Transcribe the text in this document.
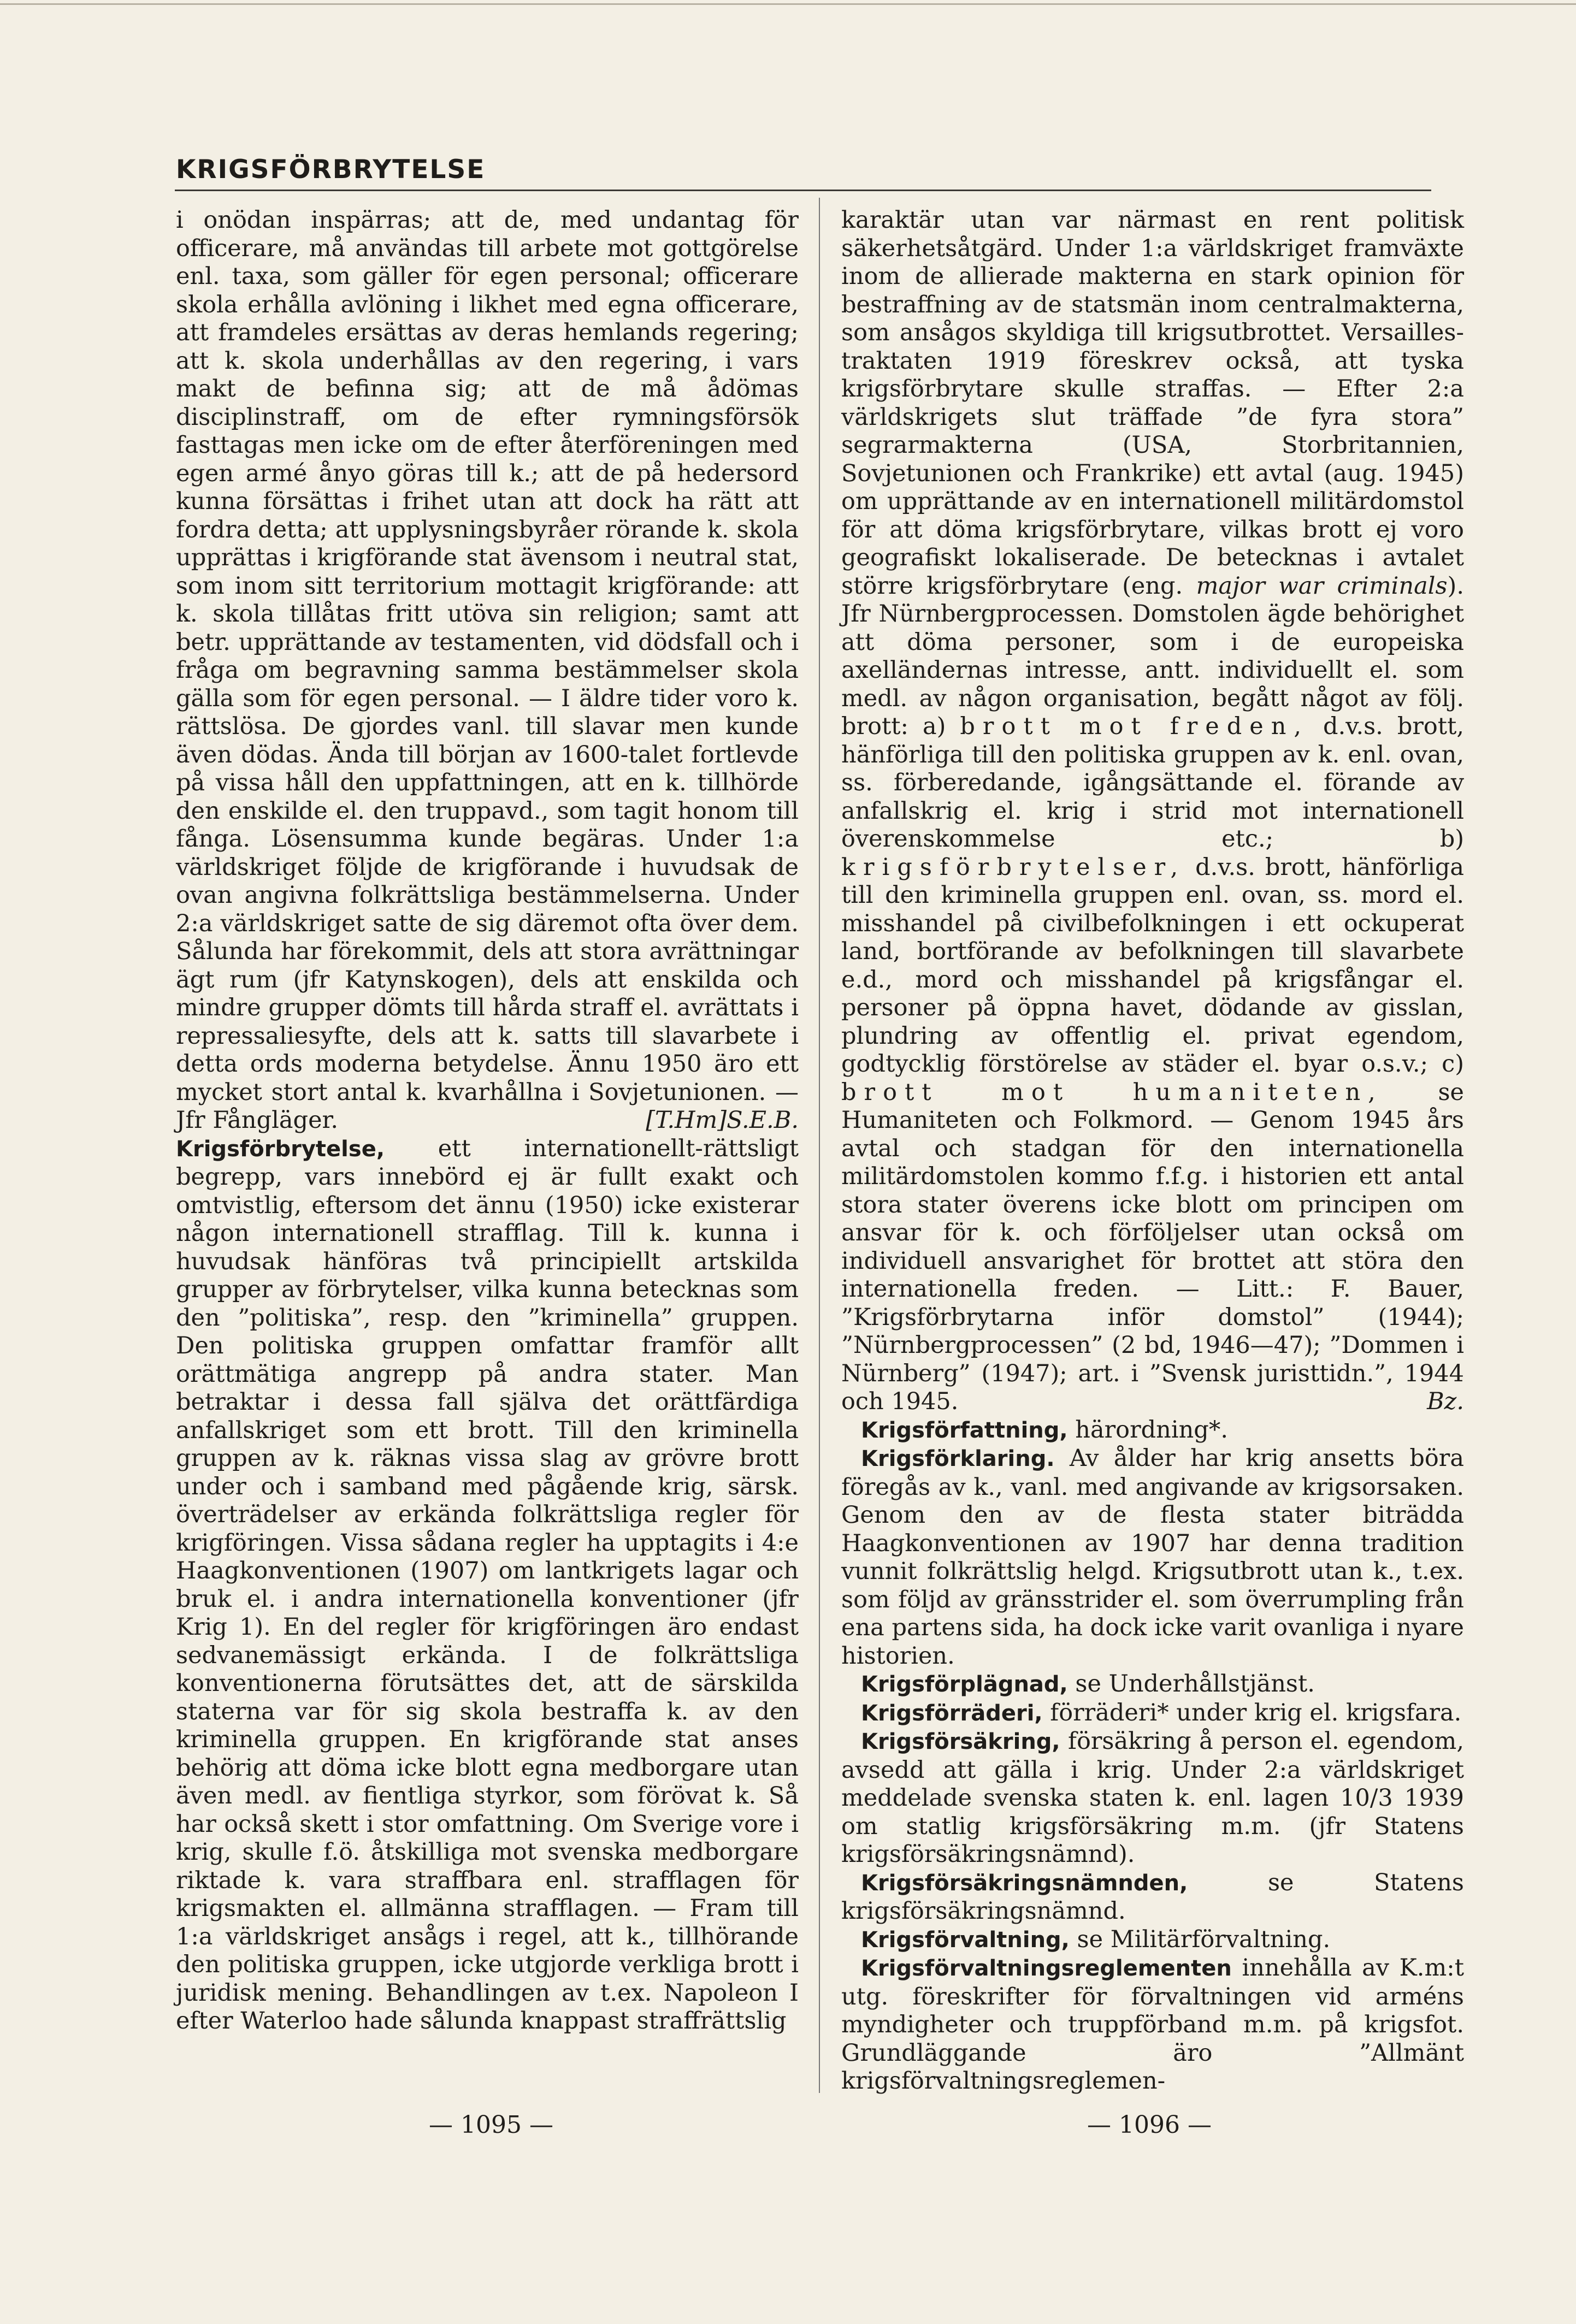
KRIGSFÖRBRYTELSE

i onödan inspärras; att de, med undantag för officerare, må användas till arbete mot gottgörelse enl. taxa, som gäller för egen personal; officerare skola erhålla avlöning i likhet med egna officerare, att framdeles ersättas av deras hemlands regering; att k. skola underhållas av den regering, i vars makt de befinna sig; att de må ådömas disciplinstraff, om de efter rymningsförsök fasttagas men icke om de efter återföreningen med egen armé ånyo göras till k.; att de på hedersord kunna försättas i frihet utan att dock ha rätt att fordra detta; att upplysningsbyråer rörande k. skola upprättas i krigförande stat ävensom i neutral stat, som inom sitt territorium mottagit krigförande: att k. skola tillåtas fritt utöva sin religion; samt att betr. upprättande av testamenten, vid dödsfall och i fråga om begravning samma bestämmelser skola gälla som för egen personal. — I äldre tider voro k. rättslösa. De gjordes vanl. till slavar men kunde även dödas. Ända till början av 1600-talet fortlevde på vissa håll den uppfattningen, att en k. tillhörde den enskilde el. den truppavd., som tagit honom till fånga. Lösensumma kunde begäras. Under 1:a världskriget följde de krigförande i huvudsak de ovan angivna folkrättsliga bestämmelserna. Under 2:a världskriget satte de sig däremot ofta över dem. Sålunda har förekommit, dels att stora avrättningar ägt rum (jfr Katynskogen), dels att enskilda och mindre grupper dömts till hårda straff el. avrättats i repressaliesyfte, dels att k. satts till slavarbete i detta ords moderna betydelse. Ännu 1950 äro ett mycket stort antal k. kvarhållna i Sovjetunionen. — Jfr Fångläger.	[T.Hm]S.E.B.

Krigsförbrytelse, ett internationellt-rättsligt begrepp, vars innebörd ej är fullt exakt och omtvistlig, eftersom det ännu (1950) icke existerar någon internationell strafflag. Till k. kunna i huvudsak hänföras två principiellt artskilda grupper av förbrytelser, vilka kunna betecknas som den ”politiska”, resp. den ”kriminella” gruppen. Den politiska gruppen omfattar framför allt orättmätiga angrepp på andra stater. Man betraktar i dessa fall själva det orättfärdiga anfallskriget som ett brott. Till den kriminella gruppen av k. räknas vissa slag av grövre brott under och i samband med pågående krig, särsk. överträdelser av erkända folkrättsliga regler för krigföringen. Vissa sådana regler ha upptagits i 4:e Haagkonventionen (1907) om lantkrigets lagar och bruk el. i andra internationella konventioner (jfr Krig 1). En del regler för krigföringen äro endast sedvanemässigt erkända. I de folkrättsliga konventionerna förutsättes det, att de särskilda staterna var för sig skola bestraffa k. av den kriminella gruppen. En krigförande stat anses behörig att döma icke blott egna medborgare utan även medl. av fientliga styrkor, som förövat k. Så har också skett i stor omfattning. Om Sverige vore i krig, skulle f.ö. åtskilliga mot svenska medborgare riktade k. vara straffbara enl. strafflagen för krigsmakten el. allmänna strafflagen. — Fram till 1:a världskriget ansågs i regel, att k., tillhörande den politiska gruppen, icke utgjorde verkliga brott i juridisk mening. Behandlingen av t.ex. Napoleon I efter Waterloo hade sålunda knappast straffrättslig

karaktär utan var närmast en rent politisk säkerhetsåtgärd. Under 1:a världskriget framväxte inom de allierade makterna en stark opinion för bestraffning av de statsmän inom centralmakterna, som ansågos skyldiga till krigsutbrottet. Versailles-traktaten 1919 föreskrev också, att tyska krigsförbrytare skulle straffas. — Efter 2:a världskrigets slut träffade ”de fyra stora” segrarmakterna (USA, Storbritannien, Sovjetunionen och Frankrike) ett avtal (aug. 1945) om upprättande av en internationell militärdomstol för att döma krigsförbrytare, vilkas brott ej voro geografiskt lokaliserade. De betecknas i avtalet större krigsförbrytare (eng. major war criminals). Jfr Nürnbergprocessen. Domstolen ägde behörighet att döma personer, som i de europeiska axelländernas intresse, antt. individuellt el. som medl. av någon organisation, begått något av följ. brott: a) brott mot freden, d.v.s. brott, hänförliga till den politiska gruppen av k. enl. ovan, ss. förberedande, igångsättande el. förande av anfallskrig el. krig i strid mot internationell överenskommelse etc.; b) krigsförbrytelser, d.v.s. brott, hänförliga till den kriminella gruppen enl. ovan, ss. mord el. misshandel på civilbefolkningen i ett ockuperat land, bortförande av befolkningen till slavarbete e.d., mord och misshandel på krigsfångar el. personer på öppna havet, dödande av gisslan, plundring av offentlig el. privat egendom, godtycklig förstörelse av städer el. byar o.s.v.; c) brott mot humaniteten, se Humaniteten och Folkmord. — Genom 1945 års avtal och stadgan för den internationella militärdomstolen kommo f.f.g. i historien ett antal stora stater överens icke blott om principen om ansvar för k. och förföljelser utan också om individuell ansvarighet för brottet att störa den internationella freden. — Litt.: F. Bauer, ”Krigsförbrytarna inför domstol” (1944); ”Nürnbergprocessen” (2 bd, 1946—47); ”Dommen i Nürnberg” (1947); art. i ”Svensk juristtidn.”, 1944 och 1945.	Bz.

Krigsförfattning, härordning*.

Krigsförklaring. Av ålder har krig ansetts böra föregås av k., vanl. med angivande av krigsorsaken. Genom den av de flesta stater biträdda Haagkonventionen av 1907 har denna tradition vunnit folkrättslig helgd. Krigsutbrott utan k., t.ex. som följd av gränsstrider el. som överrumpling från ena partens sida, ha dock icke varit ovanliga i nyare historien.

Krigsförplägnad, se Underhållstjänst.

Krigsförräderi, förräderi* under krig el. krigsfara.

Krigsförsäkring, försäkring å person el. egendom, avsedd att gälla i krig. Under 2:a världskriget meddelade svenska staten k. enl. lagen 10/3 1939 om statlig krigsförsäkring m.m. (jfr Statens krigsförsäkringsnämnd).

Krigsförsäkringsnämnden, se Statens krigsförsäkringsnämnd.

Krigsförvaltning, se Militärförvaltning.

Krigsförvaltningsreglementen innehålla av K.m:t utg. föreskrifter för förvaltningen vid arméns myndigheter och truppförband m.m. på krigsfot. Grundläggande äro ”Allmänt krigsförvaltningsreglemen-

— 1095 —	— 1096 —
